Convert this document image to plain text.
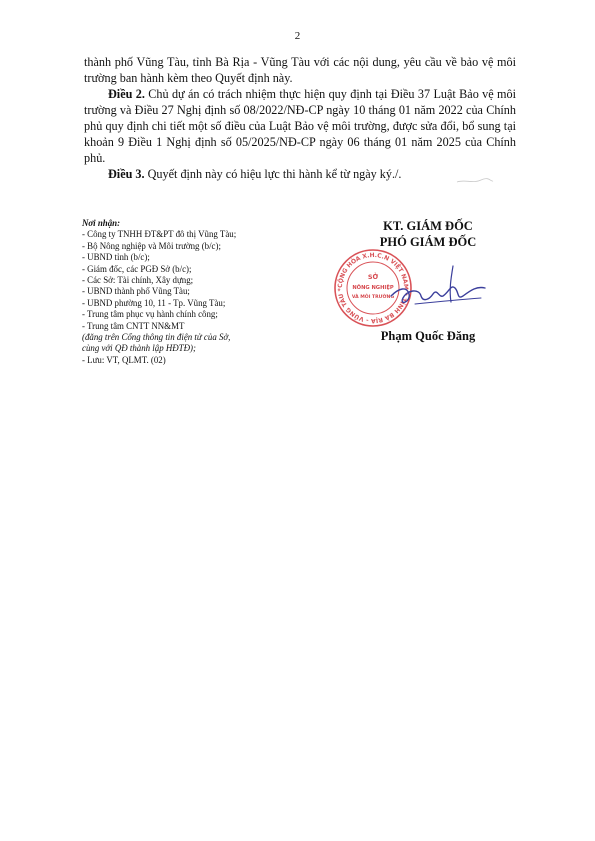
2

thành phố Vũng Tàu, tỉnh Bà Rịa - Vũng Tàu với các nội dung, yêu cầu về bảo vệ môi trường ban hành kèm theo Quyết định này.

Điều 2. Chủ dự án có trách nhiệm thực hiện quy định tại Điều 37 Luật Bảo vệ môi trường và Điều 27 Nghị định số 08/2022/NĐ-CP ngày 10 tháng 01 năm 2022 của Chính phủ quy định chi tiết một số điều của Luật Bảo vệ môi trường, được sửa đổi, bổ sung tại khoản 9 Điều 1 Nghị định số 05/2025/NĐ-CP ngày 06 tháng 01 năm 2025 của Chính phủ.

Điều 3. Quyết định này có hiệu lực thi hành kể từ ngày ký./.

Nơi nhận:
- Công ty TNHH ĐT&PT đô thị Vũng Tàu;
- Bộ Nông nghiệp và Môi trường (b/c);
- UBND tỉnh (b/c);
- Giám đốc, các PGĐ Sở (b/c);
- Các Sở: Tài chính, Xây dựng;
- UBND thành phố Vũng Tàu;
- UBND phường 10, 11 - Tp. Vũng Tàu;
- Trung tâm phục vụ hành chính công;
- Trung tâm CNTT NN&MT
(đăng trên Cổng thông tin điện tử của Sở,
cùng với QĐ thành lập HĐTĐ);
- Lưu: VT, QLMT. (02)
KT. GIÁM ĐỐC
PHÓ GIÁM ĐỐC
Phạm Quốc Đăng
CỘNG HÒA X.H.C.N VIỆT NAM * TỈNH BÀ RỊA - VŨNG TÀU *
SỞ
NÔNG NGHIỆP
VÀ MÔI TRƯỜNG
